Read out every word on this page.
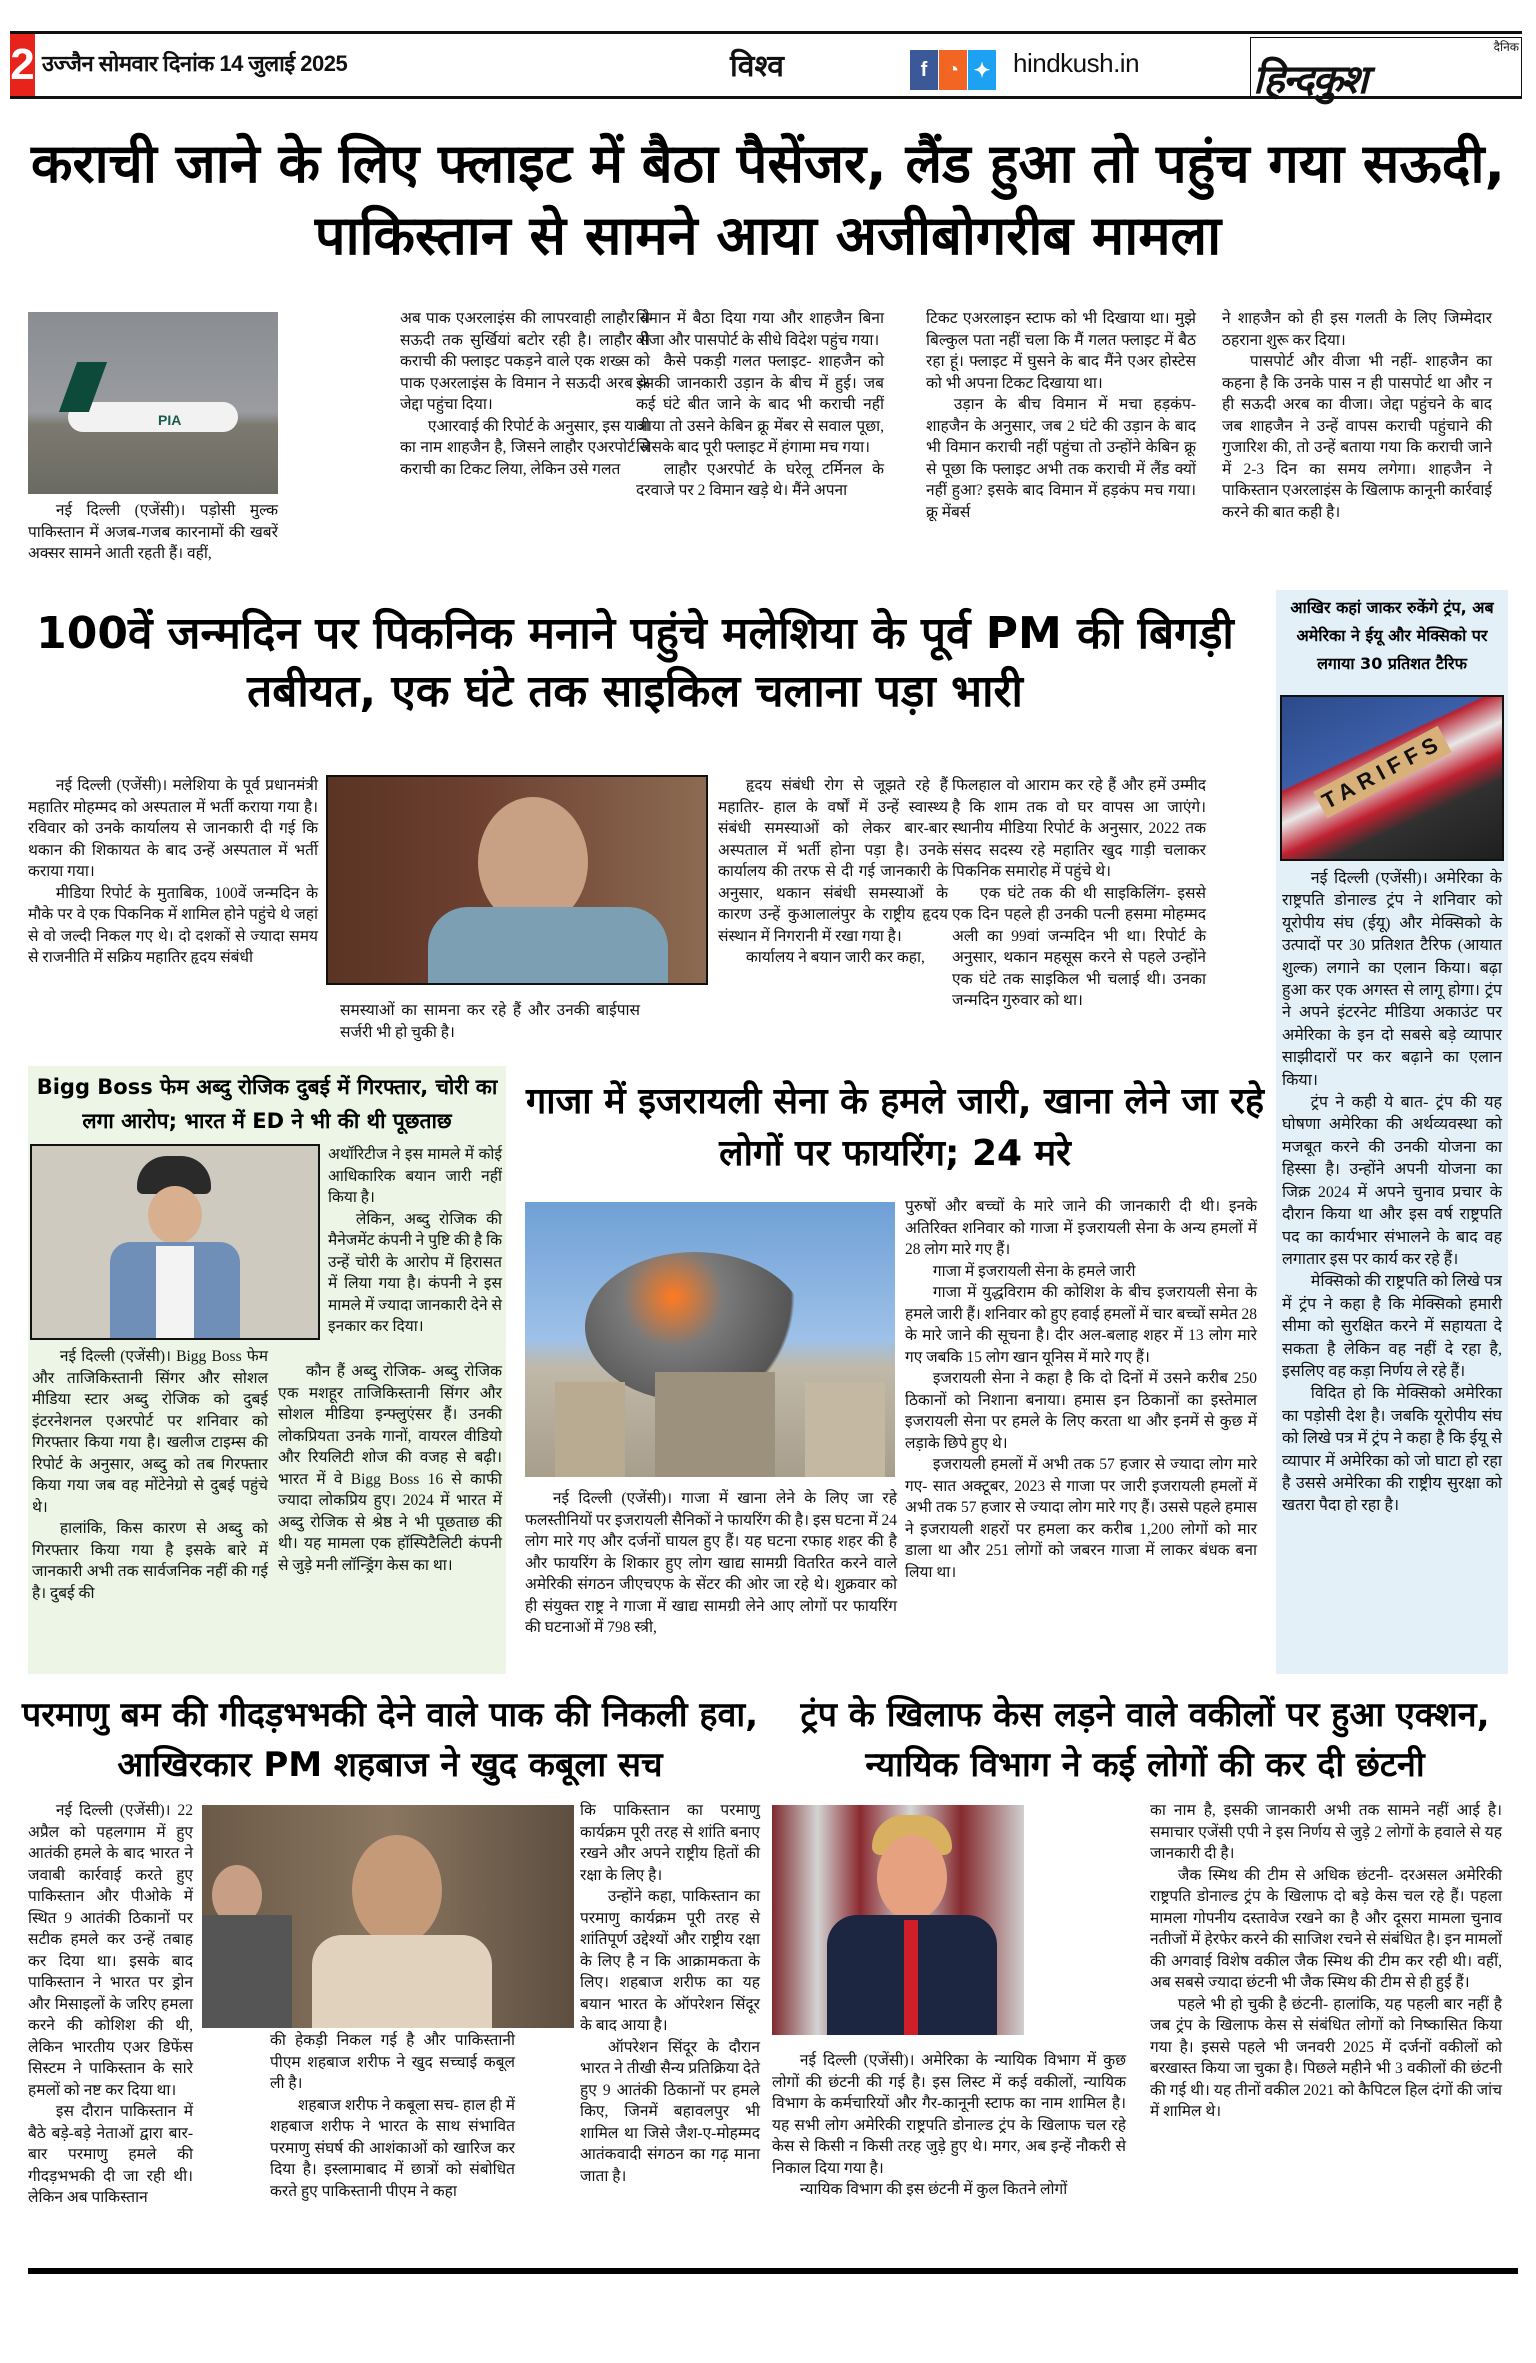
2 उज्जैन सोमवार दिनांक 14 जुलाई 2025	विश्व	f ◔ ✦ hindkush.in
दैनिक
हिन्दकुश
कराची जाने के लिए फ्लाइट में बैठा पैसेंजर, लैंड हुआ तो पहुंच गया सऊदी, पाकिस्तान से सामने आया अजीबोगरीब मामला
PIA

नई दिल्ली (एजेंसी)। पड़ोसी मुल्क पाकिस्तान में अजब-गजब कारनामों की खबरें अक्सर सामने आती रहती हैं। वहीं,

अब पाक एअरलाइंस की लापरवाही लाहौर से सऊदी तक सुर्खियां बटोर रही है। लाहौर से कराची की फ्लाइट पकड़ने वाले एक शख्स को पाक एअरलाइंस के विमान ने सऊदी अरब के जेद्दा पहुंचा दिया।

एआरवाई की रिपोर्ट के अनुसार, इस यात्री का नाम शाहजैन है, जिसने लाहौर एअरपोर्ट से कराची का टिकट लिया, लेकिन उसे गलत

विमान में बैठा दिया गया और शाहजैन बिना वीजा और पासपोर्ट के सीधे विदेश पहुंच गया।

कैसे पकड़ी गलत फ्लाइट- शाहजैन को इसकी जानकारी उड़ान के बीच में हुई। जब कई घंटे बीत जाने के बाद भी कराची नहीं आया तो उसने केबिन क्रू मेंबर से सवाल पूछा, जिसके बाद पूरी फ्लाइट में हंगामा मच गया।

लाहौर एअरपोर्ट के घरेलू टर्मिनल के दरवाजे पर 2 विमान खड़े थे। मैंने अपना

टिकट एअरलाइन स्टाफ को भी दिखाया था। मुझे बिल्कुल पता नहीं चला कि मैं गलत फ्लाइट में बैठ रहा हूं। फ्लाइट में घुसने के बाद मैंने एअर होस्टेस को भी अपना टिकट दिखाया था।

उड़ान के बीच विमान में मचा हड़कंप- शाहजैन के अनुसार, जब 2 घंटे की उड़ान के बाद भी विमान कराची नहीं पहुंचा तो उन्होंने केबिन क्रू से पूछा कि फ्लाइट अभी तक कराची में लैंड क्यों नहीं हुआ? इसके बाद विमान में हड़कंप मच गया। क्रू मेंबर्स

ने शाहजैन को ही इस गलती के लिए जिम्मेदार ठहराना शुरू कर दिया।

पासपोर्ट और वीजा भी नहीं- शाहजैन का कहना है कि उनके पास न ही पासपोर्ट था और न ही सऊदी अरब का वीजा। जेद्दा पहुंचने के बाद जब शाहजैन ने उन्हें वापस कराची पहुंचाने की गुजारिश की, तो उन्हें बताया गया कि कराची जाने में 2-3 दिन का समय लगेगा। शाहजैन ने पाकिस्तान एअरलाइंस के खिलाफ कानूनी कार्रवाई करने की बात कही है।

100वें जन्मदिन पर पिकनिक मनाने पहुंचे मलेशिया के पूर्व PM की बिगड़ी तबीयत, एक घंटे तक साइकिल चलाना पड़ा भारी

नई दिल्ली (एजेंसी)। मलेशिया के पूर्व प्रधानमंत्री महातिर मोहम्मद को अस्पताल में भर्ती कराया गया है। रविवार को उनके कार्यालय से जानकारी दी गई कि थकान की शिकायत के बाद उन्हें अस्पताल में भर्ती कराया गया।

मीडिया रिपोर्ट के मुताबिक, 100वें जन्मदिन के मौके पर वे एक पिकनिक में शामिल होने पहुंचे थे जहां से वो जल्दी निकल गए थे। दो दशकों से ज्यादा समय से राजनीति में सक्रिय महातिर हृदय संबंधी

समस्याओं का सामना कर रहे हैं और उनकी बाईपास सर्जरी भी हो चुकी है।

हृदय संबंधी रोग से जूझते रहे हैं महातिर- हाल के वर्षों में उन्हें स्वास्थ्य संबंधी समस्याओं को लेकर बार-बार अस्पताल में भर्ती होना पड़ा है। उनके कार्यालय की तरफ से दी गई जानकारी के अनुसार, थकान संबंधी समस्याओं के कारण उन्हें कुआलालंपुर के राष्ट्रीय हृदय संस्थान में निगरानी में रखा गया है।

कार्यालय ने बयान जारी कर कहा,

फिलहाल वो आराम कर रहे हैं और हमें उम्मीद है कि शाम तक वो घर वापस आ जाएंगे। स्थानीय मीडिया रिपोर्ट के अनुसार, 2022 तक संसद सदस्य रहे महातिर खुद गाड़ी चलाकर पिकनिक समारोह में पहुंचे थे।

एक घंटे तक की थी साइकिलिंग- इससे एक दिन पहले ही उनकी पत्नी हसमा मोहम्मद अली का 99वां जन्मदिन भी था। रिपोर्ट के अनुसार, थकान महसूस करने से पहले उन्होंने एक घंटे तक साइकिल भी चलाई थी। उनका जन्मदिन गुरुवार को था।

आखिर कहां जाकर रुकेंगे ट्रंप, अब अमेरिका ने ईयू और मेक्सिको पर लगाया 30 प्रतिशत टैरिफ
TARIFFS

नई दिल्ली (एजेंसी)। अमेरिका के राष्ट्रपति डोनाल्ड ट्रंप ने शनिवार को यूरोपीय संघ (ईयू) और मेक्सिको के उत्पादों पर 30 प्रतिशत टैरिफ (आयात शुल्क) लगाने का एलान किया। बढ़ा हुआ कर एक अगस्त से लागू होगा। ट्रंप ने अपने इंटरनेट मीडिया अकाउंट पर अमेरिका के इन दो सबसे बड़े व्यापार साझीदारों पर कर बढ़ाने का एलान किया।

ट्रंप ने कही ये बात- ट्रंप की यह घोषणा अमेरिका की अर्थव्यवस्था को मजबूत करने की उनकी योजना का हिस्सा है। उन्होंने अपनी योजना का जिक्र 2024 में अपने चुनाव प्रचार के दौरान किया था और इस वर्ष राष्ट्रपति पद का कार्यभार संभालने के बाद वह लगातार इस पर कार्य कर रहे हैं।

मेक्सिको की राष्ट्रपति को लिखे पत्र में ट्रंप ने कहा है कि मेक्सिको हमारी सीमा को सुरक्षित करने में सहायता दे सकता है लेकिन वह नहीं दे रहा है, इसलिए वह कड़ा निर्णय ले रहे हैं।

विदित हो कि मेक्सिको अमेरिका का पड़ोसी देश है। जबकि यूरोपीय संघ को लिखे पत्र में ट्रंप ने कहा है कि ईयू से व्यापार में अमेरिका को जो घाटा हो रहा है उससे अमेरिका की राष्ट्रीय सुरक्षा को खतरा पैदा हो रहा है।

Bigg Boss फेम अब्दु रोजिक दुबई में गिरफ्तार, चोरी का लगा आरोप; भारत में ED ने भी की थी पूछताछ

अथॉरिटीज ने इस मामले में कोई आधिकारिक बयान जारी नहीं किया है।

लेकिन, अब्दु रोजिक की मैनेजमेंट कंपनी ने पुष्टि की है कि उन्हें चोरी के आरोप में हिरासत में लिया गया है। कंपनी ने इस मामले में ज्यादा जानकारी देने से इनकार कर दिया।

कौन हैं अब्दु रोजिक- अब्दु रोजिक एक मशहूर ताजिकिस्तानी सिंगर और सोशल मीडिया इन्फ्लुएंसर हैं। उनकी लोकप्रियता उनके गानों, वायरल वीडियो और रियलिटी शोज की वजह से बढ़ी। भारत में वे Bigg Boss 16 से काफी ज्यादा लोकप्रिय हुए। 2024 में भारत में अब्दु रोजिक से श्रेष्ठ ने भी पूछताछ की थी। यह मामला एक हॉस्पिटैलिटी कंपनी से जुड़े मनी लॉन्ड्रिंग केस का था।

नई दिल्ली (एजेंसी)। Bigg Boss फेम और ताजिकिस्तानी सिंगर और सोशल मीडिया स्टार अब्दु रोजिक को दुबई इंटरनेशनल एअरपोर्ट पर शनिवार को गिरफ्तार किया गया है। खलीज टाइम्स की रिपोर्ट के अनुसार, अब्दु को तब गिरफ्तार किया गया जब वह मोंटेनेग्रो से दुबई पहुंचे थे।

हालांकि, किस कारण से अब्दु को गिरफ्तार किया गया है इसके बारे में जानकारी अभी तक सार्वजनिक नहीं की गई है। दुबई की

गाजा में इजरायली सेना के हमले जारी, खाना लेने जा रहे लोगों पर फायरिंग; 24 मरे

नई दिल्ली (एजेंसी)। गाजा में खाना लेने के लिए जा रहे फलस्तीनियों पर इजरायली सैनिकों ने फायरिंग की है। इस घटना में 24 लोग मारे गए और दर्जनों घायल हुए हैं। यह घटना रफाह शहर की है और फायरिंग के शिकार हुए लोग खाद्य सामग्री वितरित करने वाले अमेरिकी संगठन जीएचएफ के सेंटर की ओर जा रहे थे। शुक्रवार को ही संयुक्त राष्ट्र ने गाजा में खाद्य सामग्री लेने आए लोगों पर फायरिंग की घटनाओं में 798 स्त्री,

पुरुषों और बच्चों के मारे जाने की जानकारी दी थी। इनके अतिरिक्त शनिवार को गाजा में इजरायली सेना के अन्य हमलों में 28 लोग मारे गए हैं।

गाजा में इजरायली सेना के हमले जारी

गाजा में युद्धविराम की कोशिश के बीच इजरायली सेना के हमले जारी हैं। शनिवार को हुए हवाई हमलों में चार बच्चों समेत 28 के मारे जाने की सूचना है। दीर अल-बलाह शहर में 13 लोग मारे गए जबकि 15 लोग खान यूनिस में मारे गए हैं।

इजरायली सेना ने कहा है कि दो दिनों में उसने करीब 250 ठिकानों को निशाना बनाया। हमास इन ठिकानों का इस्तेमाल इजरायली सेना पर हमले के लिए करता था और इनमें से कुछ में लड़ाके छिपे हुए थे।

इजरायली हमलों में अभी तक 57 हजार से ज्यादा लोग मारे गए- सात अक्टूबर, 2023 से गाजा पर जारी इजरायली हमलों में अभी तक 57 हजार से ज्यादा लोग मारे गए हैं। उससे पहले हमास ने इजरायली शहरों पर हमला कर करीब 1,200 लोगों को मार डाला था और 251 लोगों को जबरन गाजा में लाकर बंधक बना लिया था।

परमाणु बम की गीदड़भभकी देने वाले पाक की निकली हवा, आखिरकार PM शहबाज ने खुद कबूला सच

नई दिल्ली (एजेंसी)। 22 अप्रैल को पहलगाम में हुए आतंकी हमले के बाद भारत ने जवाबी कार्रवाई करते हुए पाकिस्तान और पीओके में स्थित 9 आतंकी ठिकानों पर सटीक हमले कर उन्हें तबाह कर दिया था। इसके बाद पाकिस्तान ने भारत पर ड्रोन और मिसाइलों के जरिए हमला करने की कोशिश की थी, लेकिन भारतीय एअर डिफेंस सिस्टम ने पाकिस्तान के सारे हमलों को नष्ट कर दिया था।

इस दौरान पाकिस्तान में बैठे बड़े-बड़े नेताओं द्वारा बार-बार परमाणु हमले की गीदड़भभकी दी जा रही थी। लेकिन अब पाकिस्तान

की हेकड़ी निकल गई है और पाकिस्तानी पीएम शहबाज शरीफ ने खुद सच्चाई कबूल ली है।

शहबाज शरीफ ने कबूला सच- हाल ही में शहबाज शरीफ ने भारत के साथ संभावित परमाणु संघर्ष की आशंकाओं को खारिज कर दिया है। इस्लामाबाद में छात्रों को संबोधित करते हुए पाकिस्तानी पीएम ने कहा

कि पाकिस्तान का परमाणु कार्यक्रम पूरी तरह से शांति बनाए रखने और अपने राष्ट्रीय हितों की रक्षा के लिए है।

उन्होंने कहा, पाकिस्तान का परमाणु कार्यक्रम पूरी तरह से शांतिपूर्ण उद्देश्यों और राष्ट्रीय रक्षा के लिए है न कि आक्रामकता के लिए। शहबाज शरीफ का यह बयान भारत के ऑपरेशन सिंदूर के बाद आया है।

ऑपरेशन सिंदूर के दौरान भारत ने तीखी सैन्य प्रतिक्रिया देते हुए 9 आतंकी ठिकानों पर हमले किए, जिनमें बहावलपुर भी शामिल था जिसे जैश-ए-मोहम्मद आतंकवादी संगठन का गढ़ माना जाता है।

ट्रंप के खिलाफ केस लड़ने वाले वकीलों पर हुआ एक्शन, न्यायिक विभाग ने कई लोगों की कर दी छंटनी

नई दिल्ली (एजेंसी)। अमेरिका के न्यायिक विभाग में कुछ लोगों की छंटनी की गई है। इस लिस्ट में कई वकीलों, न्यायिक विभाग के कर्मचारियों और गैर-कानूनी स्टाफ का नाम शामिल है। यह सभी लोग अमेरिकी राष्ट्रपति डोनाल्ड ट्रंप के खिलाफ चल रहे केस से किसी न किसी तरह जुड़े हुए थे। मगर, अब इन्हें नौकरी से निकाल दिया गया है।

न्यायिक विभाग की इस छंटनी में कुल कितने लोगों

का नाम है, इसकी जानकारी अभी तक सामने नहीं आई है। समाचार एजेंसी एपी ने इस निर्णय से जुड़े 2 लोगों के हवाले से यह जानकारी दी है।

जैक स्मिथ की टीम से अधिक छंटनी- दरअसल अमेरिकी राष्ट्रपति डोनाल्ड ट्रंप के खिलाफ दो बड़े केस चल रहे हैं। पहला मामला गोपनीय दस्तावेज रखने का है और दूसरा मामला चुनाव नतीजों में हेरफेर करने की साजिश रचने से संबंधित है। इन मामलों की अगवाई विशेष वकील जैक स्मिथ की टीम कर रही थी। वहीं, अब सबसे ज्यादा छंटनी भी जैक स्मिथ की टीम से ही हुई हैं।

पहले भी हो चुकी है छंटनी- हालांकि, यह पहली बार नहीं है जब ट्रंप के खिलाफ केस से संबंधित लोगों को निष्कासित किया गया है। इससे पहले भी जनवरी 2025 में दर्जनों वकीलों को बरखास्त किया जा चुका है। पिछले महीने भी 3 वकीलों की छंटनी की गई थी। यह तीनों वकील 2021 को कैपिटल हिल दंगों की जांच में शामिल थे।
